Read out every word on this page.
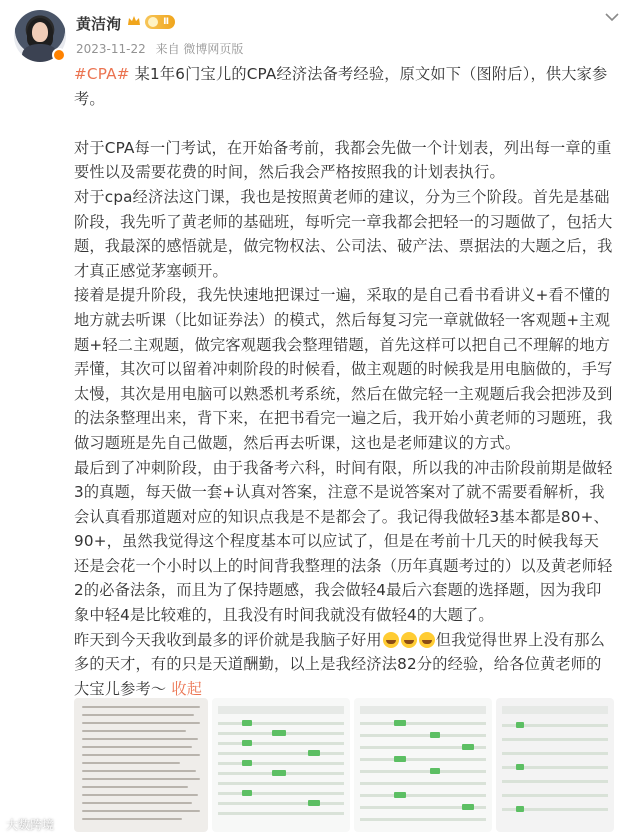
黄洁洵	Ⅱ
2023-11-22 来自 微博网页版

#CPA# 某1年6门宝儿的CPA经济法备考经验，原文如下（图附后），供大家参考。

对于CPA每一门考试，在开始备考前，我都会先做一个计划表，列出每一章的重要性以及需要花费的时间，然后我会严格按照我的计划表执行。

对于cpa经济法这门课，我也是按照黄老师的建议，分为三个阶段。首先是基础阶段，我先听了黄老师的基础班，每听完一章我都会把轻一的习题做了，包括大题，我最深的感悟就是，做完物权法、公司法、破产法、票据法的大题之后，我才真正感觉茅塞顿开。

接着是提升阶段，我先快速地把课过一遍，采取的是自己看书看讲义+看不懂的地方就去听课（比如证券法）的模式，然后每复习完一章就做轻一客观题+主观题+轻二主观题，做完客观题我会整理错题，首先这样可以把自己不理解的地方弄懂，其次可以留着冲刺阶段的时候看，做主观题的时候我是用电脑做的，手写太慢，其次是用电脑可以熟悉机考系统，然后在做完轻一主观题后我会把涉及到的法条整理出来，背下来，在把书看完一遍之后，我开始小黄老师的习题班，我做习题班是先自己做题，然后再去听课，这也是老师建议的方式。

最后到了冲刺阶段，由于我备考六科，时间有限，所以我的冲击阶段前期是做轻3的真题，每天做一套+认真对答案，注意不是说答案对了就不需要看解析，我会认真看那道题对应的知识点我是不是都会了。我记得我做轻3基本都是80+、90+，虽然我觉得这个程度基本可以应试了，但是在考前十几天的时候我每天还是会花一个小时以上的时间背我整理的法条（历年真题考过的）以及黄老师轻2的必备法条，而且为了保持题感，我会做轻4最后六套题的选择题，因为我印象中轻4是比较难的，且我没有时间我就没有做轻4的大题了。

昨天到今天我收到最多的评价就是我脑子好用	但我觉得世界上没有那么多的天才，有的只是天道酬勤，以上是我经济法82分的经验，给各位黄老师的大宝儿参考～ 收起

大数跨境
